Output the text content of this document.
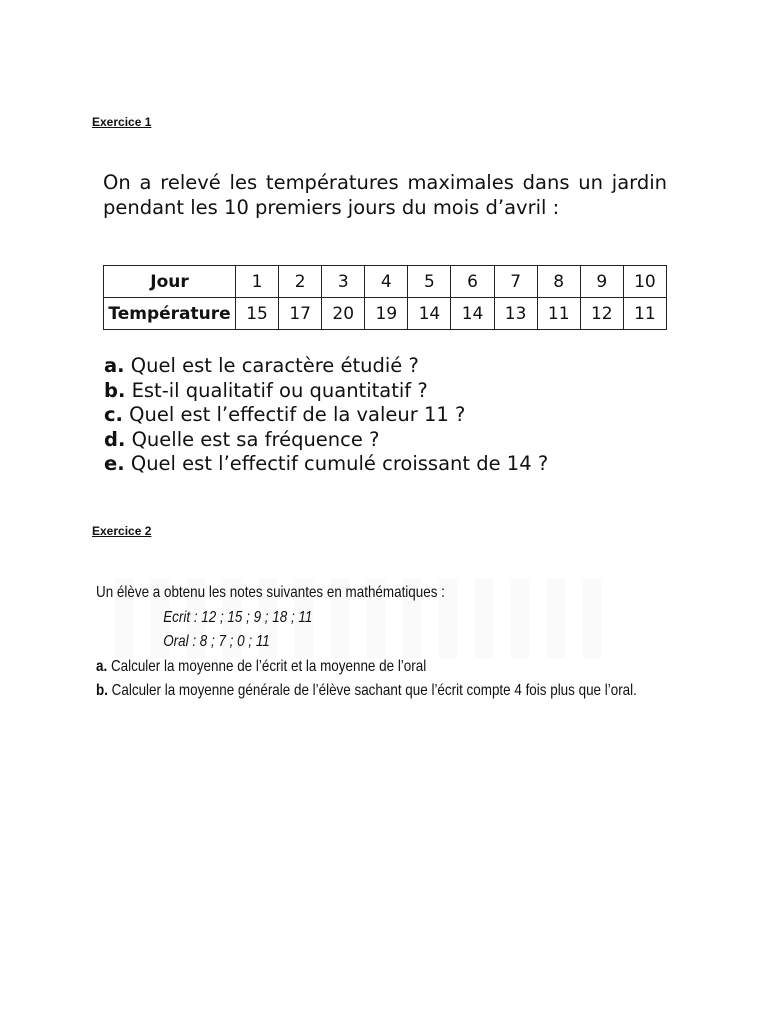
Exercice 1

On a relevé les températures maximales dans un jardin pendant les 10 premiers jours du mois d’avril :

Jour	1	2	3	4	5	6	7	8	9	10
Température	15	17	20	19	14	14	13	11	12	11
a. Quel est le caractère étudié ?
b. Est-il qualitatif ou quantitatif ?
c. Quel est l’effectif de la valeur 11 ?
d. Quelle est sa fréquence ?
e. Quel est l’effectif cumulé croissant de 14 ?
Exercice 2

Un élève a obtenu les notes suivantes en mathématiques :

Ecrit : 12 ; 15 ; 9 ; 18 ; 11

Oral : 8 ; 7 ; 0 ; 11

a. Calculer la moyenne de l’écrit et la moyenne de l’oral

b. Calculer la moyenne générale de l’élève sachant que l’écrit compte 4 fois plus que l’oral.
